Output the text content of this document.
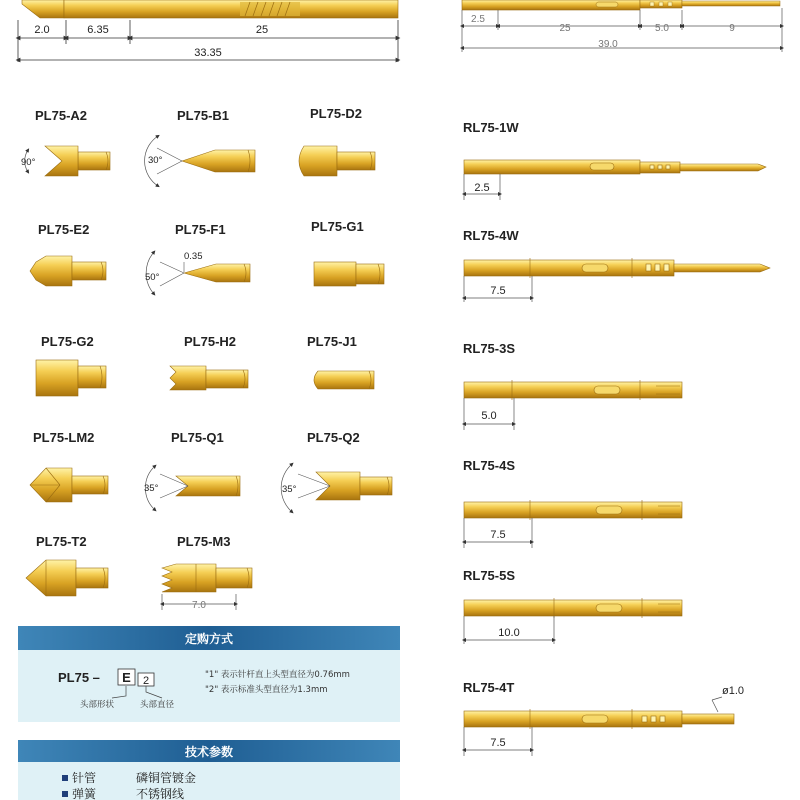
2.0	6.35	25
33.35
2.5
25	5.0	9
39.0
PL75-A2	PL75-B1	PL75-D2
PL75-E2	PL75-F1	PL75-G1
PL75-G2	PL75-H2	PL75-J1
PL75-LM2	PL75-Q1	PL75-Q2
PL75-T2	PL75-M3
90°	30°
50°
0.35
35°	35°
7.0
RL75-1W
2.5
RL75-4W
7.5
RL75-3S
5.0
RL75-4S
7.5
RL75-5S
10.0
RL75-4T
7.5
ø1.0
定购方式
PL75 – E 2
头部形状	头部直径
"1" 表示针杆直上头型直径为0.76mm
"2" 表示标准头型直径为1.3mm
技术参数
针管	磷铜管镀金
弹簧	不锈钢线
